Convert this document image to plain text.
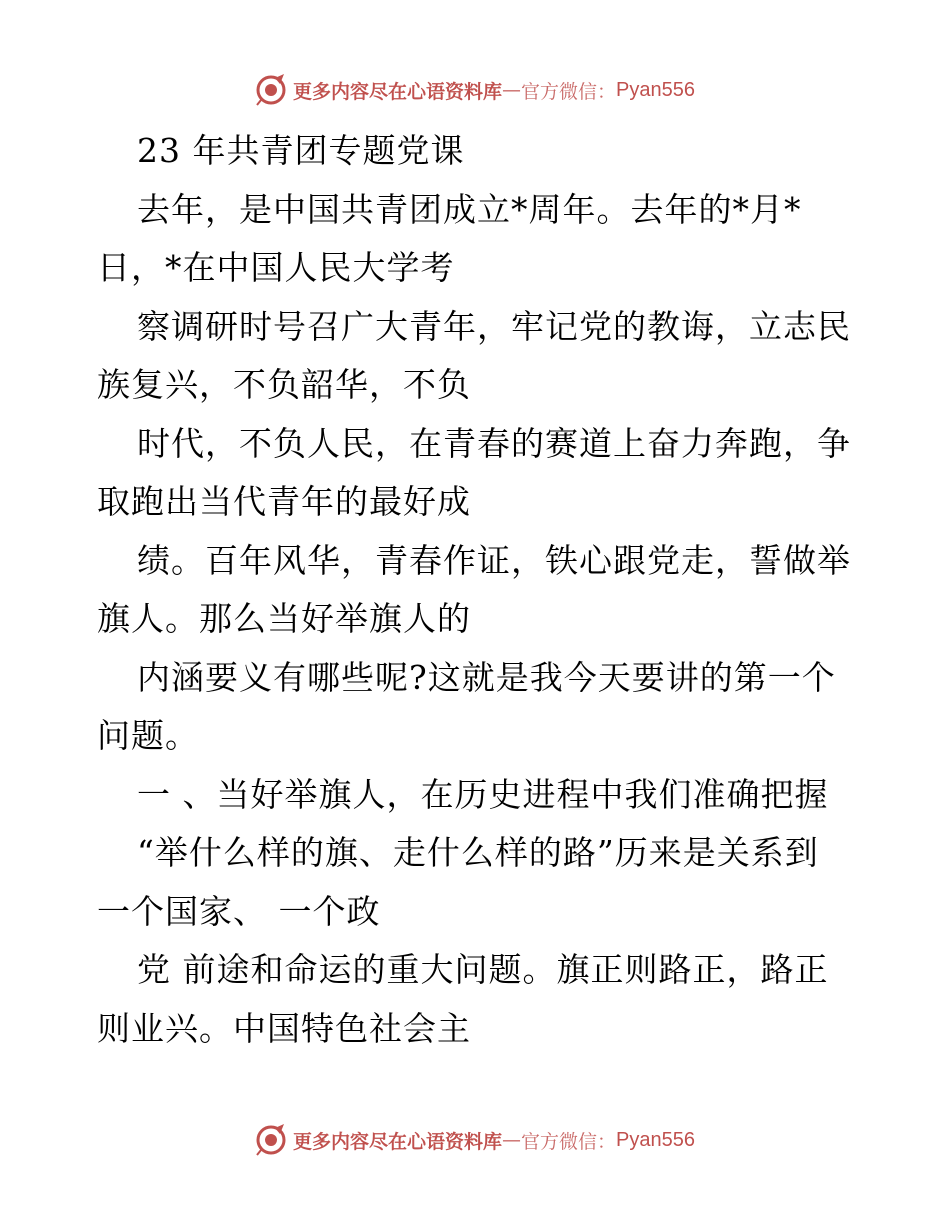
更多内容尽在心语资料库 — 官方微信： Pyan556
23 年共青团专题党课
去年，是中国共青团成立*周年。去年的*月*
日，*在中国人民大学考
察调研时号召广大青年，牢记党的教诲，立志民
族复兴，不负韶华，不负
时代，不负人民，在青春的赛道上奋力奔跑，争
取跑出当代青年的最好成
绩。百年风华，青春作证，铁心跟党走，誓做举
旗人。那么当好举旗人的
内涵要义有哪些呢?这就是我今天要讲的第一个
问题。
一 、当好举旗人，在历史进程中我们准确把握
“举什么样的旗、走什么样的路”历来是关系到
一个国家、 一个政
党 前途和命运的重大问题。旗正则路正，路正
则业兴。中国特色社会主
更多内容尽在心语资料库 — 官方微信： Pyan556
